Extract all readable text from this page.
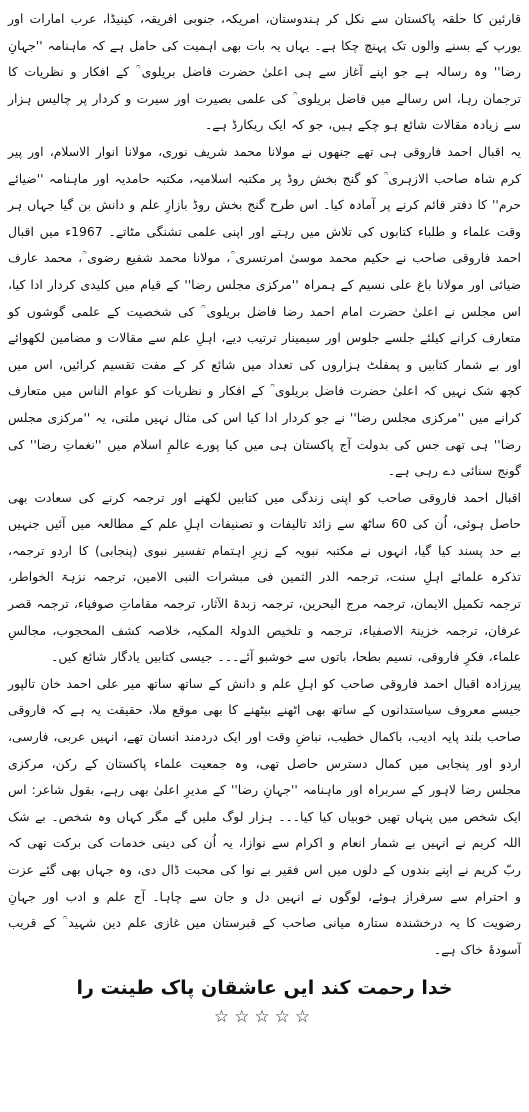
قارئین کا حلقہ پاکستان سے نکل کر ہندوستان، امریکہ، جنوبی افریقہ، کینیڈا، عرب امارات اور یورپ کے بسنے والوں تک پہنچ چکا ہے۔ یہاں یہ بات بھی اہمیت کی حامل ہے کہ ماہنامہ ''جہانِ رضا'' وہ رسالہ ہے جو اپنے آغاز سے ہی اعلیٰ حضرت فاضل بریلوی ؒ کے افکار و نظریات کا ترجمان رہا، اس رسالے میں فاضل بریلوی ؒ کی علمی بصیرت اور سیرت و کردار پر چالیس ہزار سے زیادہ مقالات شائع ہو چکے ہیں، جو کہ ایک ریکارڈ ہے۔

یہ اقبال احمد فاروقی ہی تھے جنھوں نے مولانا محمد شریف نوری، مولانا انوار الاسلام، اور پیر کرم شاہ صاحب الازہری ؒ کو گنج بخش روڈ پر مکتبہ اسلامیہ، مکتبہ حامدیہ اور ماہنامہ ''ضیائے حرم'' کا دفتر قائم کرنے پر آمادہ کیا۔ اس طرح گنج بخش روڈ بازارِ علم و دانش بن گیا جہاں ہر وقت علماء و طلباء کتابوں کی تلاش میں رہتے اور اپنی علمی تشنگی مٹاتے۔ 1967ء میں اقبال احمد فاروقی صاحب نے حکیم محمد موسیٰ امرتسری ؒ، مولانا محمد شفیع رضوی ؒ، محمد عارف ضیائی اور مولانا باغ علی نسیم کے ہمراہ ''مرکزی مجلس رضا'' کے قیام میں کلیدی کردار ادا کیا، اس مجلس نے اعلیٰ حضرت امام احمد رضا فاضل بریلوی ؒ کی شخصیت کے علمی گوشوں کو متعارف کرانے کیلئے جلسے جلوس اور سیمینار ترتیب دیے، اہلِ علم سے مقالات و مضامین لکھوائے اور بے شمار کتابیں و پمفلٹ ہزاروں کی تعداد میں شائع کر کے مفت تقسیم کرائیں، اس میں کچھ شک نہیں کہ اعلیٰ حضرت فاضل بریلوی ؒ کے افکار و نظریات کو عوام الناس میں متعارف کرانے میں ''مرکزی مجلس رضا'' نے جو کردار ادا کیا اس کی مثال نہیں ملتی، یہ ''مرکزی مجلس رضا'' ہی تھی جس کی بدولت آج پاکستان ہی میں کیا پورے عالمِ اسلام میں ''نغماتِ رضا'' کی گونج سنائی دے رہی ہے۔

اقبال احمد فاروقی صاحب کو اپنی زندگی میں کتابیں لکھنے اور ترجمہ کرنے کی سعادت بھی حاصل ہوئی، اُن کی 60 ساٹھ سے زائد تالیفات و تصنیفات اہلِ علم کے مطالعہ میں آئیں جنہیں بے حد پسند کیا گیا، انہوں نے مکتبہ نبویہ کے زیرِ اہتمام تفسیر نبوی (پنجابی) کا اردو ترجمہ، تذکرہ علمائے اہلِ سنت، ترجمہ الدر الثمین فی مبشرات النبی الامین، ترجمہ نزہۃ الخواطر، ترجمہ تکمیل الایمان، ترجمہ مرج البحرین، ترجمہ زبدۃ الآثار، ترجمہ مقاماتِ صوفیاء، ترجمہ قصر عرفان، ترجمہ خزینۃ الاصفیاء، ترجمہ و تلخیص الدولۃ المکیہ، خلاصہ کشف المحجوب، مجالسِ علماء، فکرِ فاروقی، نسیم بطحا، باتوں سے خوشبو آئے۔۔۔ جیسی کتابیں یادگار شائع کیں۔

پیرزادہ اقبال احمد فاروقی صاحب کو اہلِ علم و دانش کے ساتھ ساتھ میر علی احمد خان تالپور جیسے معروف سیاستدانوں کے ساتھ بھی اٹھنے بیٹھنے کا بھی موقع ملا، حقیقت یہ ہے کہ فاروقی صاحب بلند پایہ ادیب، باکمال خطیب، نباضِ وقت اور ایک دردمند انسان تھے، انہیں عربی، فارسی، اردو اور پنجابی میں کمال دسترس حاصل تھی، وہ جمعیت علماء پاکستان کے رکن، مرکزی مجلس رضا لاہور کے سربراہ اور ماہنامہ ''جہانِ رضا'' کے مدیرِ اعلیٰ بھی رہے، بقول شاعر: اس ایک شخص میں پنہاں تھیں خوبیاں کیا کیا۔۔۔ ہزار لوگ ملیں گے مگر کہاں وہ شخص۔ بے شک اللہ کریم نے انہیں بے شمار انعام و اکرام سے نوازا، یہ اُن کی دینی خدمات کی برکت تھی کہ ربّ کریم نے اپنے بندوں کے دلوں میں اس فقیر بے نوا کی محبت ڈال دی، وہ جہاں بھی گئے عزت و احترام سے سرفراز ہوئے، لوگوں نے انہیں دل و جان سے چاہا۔ آج علم و ادب اور جہانِ رضویت کا یہ درخشندہ ستارہ میانی صاحب کے قبرستان میں غازی علم دین شہید ؒ کے قریب آسودۂ خاک ہے۔

خدا رحمت کند ایں عاشقان پاک طینت را
☆☆☆☆☆
